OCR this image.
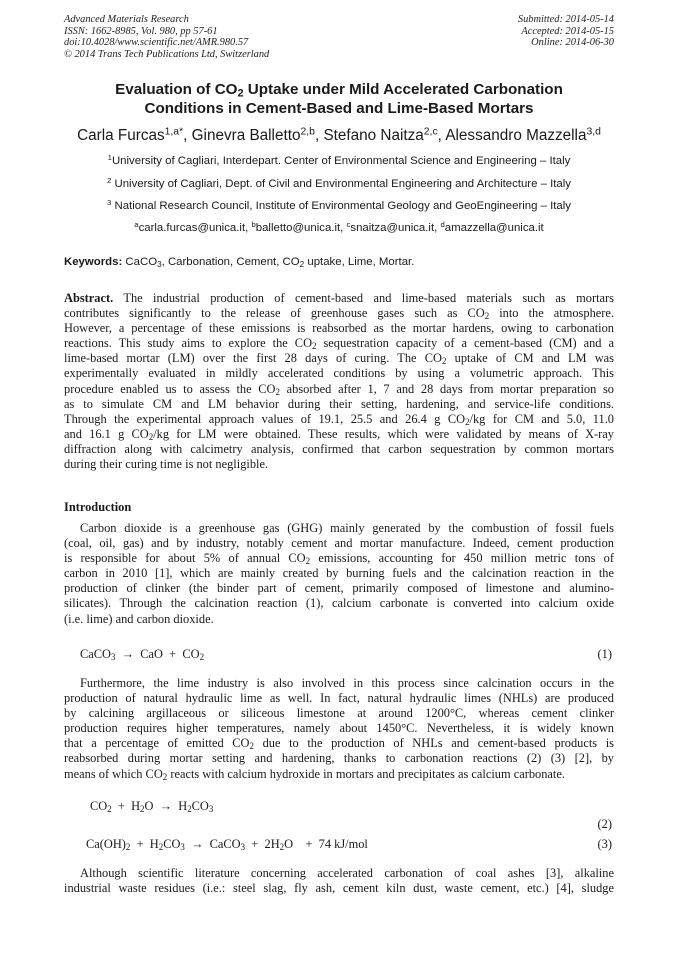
Advanced Materials Research
ISSN: 1662-8985, Vol. 980, pp 57-61
doi:10.4028/www.scientific.net/AMR.980.57
© 2014 Trans Tech Publications Ltd, Switzerland
Submitted: 2014-05-14
Accepted: 2014-05-15
Online: 2014-06-30
Evaluation of $CO_2$ Uptake under Mild Accelerated Carbonation
Conditions in Cement-Based and Lime-Based Mortars
Carla Furcas$^{1,a*}$, Ginevra Balletto$^{2,b}$, Stefano Naitza$^{2,c}$, Alessandro Mazzella$^{3,d}$
$^1$University of Cagliari, Interdepart. Center of Environmental Science and Engineering – Italy
$^2$ University of Cagliari, Dept. of Civil and Environmental Engineering and Architecture – Italy
$^3$ National Research Council, Institute of Environmental Geology and GeoEngineering – Italy
$^a$carla.furcas@unica.it, $^b$balletto@unica.it, $^c$snaitza@unica.it, $^d$amazzella@unica.it
Keywords: CaCO$_3$, Carbonation, Cement, $CO_2$ uptake, Lime, Mortar.
Abstract. The industrial production of cement-based and lime-based materials such as mortars
contributes significantly to the release of greenhouse gases such as $CO_2$ into the atmosphere.
However, a percentage of these emissions is reabsorbed as the mortar hardens, owing to carbonation
reactions. This study aims to explore the $CO_2$ sequestration capacity of a cement-based (CM) and a
lime-based mortar (LM) over the first 28 days of curing. The $CO_2$ uptake of CM and LM was
experimentally evaluated in mildly accelerated conditions by using a volumetric approach. This
procedure enabled us to assess the $CO_2$ absorbed after 1, 7 and 28 days from mortar preparation so
as to simulate CM and LM behavior during their setting, hardening, and service-life conditions.
Through the experimental approach values of 19.1, 25.5 and 26.4 g $CO_2/kg$ for CM and 5.0, 11.0
and 16.1 g $CO_2/kg$ for LM were obtained. These results, which were validated by means of X-ray
diffraction along with calcimetry analysis, confirmed that carbon sequestration by common mortars
during their curing time is not negligible.
Introduction
Carbon dioxide is a greenhouse gas (GHG) mainly generated by the combustion of fossil fuels
(coal, oil, gas) and by industry, notably cement and mortar manufacture. Indeed, cement production
is responsible for about 5% of annual $CO_2$ emissions, accounting for 450 million metric tons of
carbon in 2010 [1], which are mainly created by burning fuels and the calcination reaction in the
production of clinker (the binder part of cement, primarily composed of limestone and alumino-
silicates). Through the calcination reaction (1), calcium carbonate is converted into calcium oxide
(i.e. lime) and carbon dioxide.
CaCO$_3$ → CaO + $CO_2$	(1)
Furthermore, the lime industry is also involved in this process since calcination occurs in the
production of natural hydraulic lime as well. In fact, natural hydraulic limes (NHLs) are produced
by calcining argillaceous or siliceous limestone at around 1200°C, whereas cement clinker
production requires higher temperatures, namely about 1450°C. Nevertheless, it is widely known
that a percentage of emitted $CO_2$ due to the production of NHLs and cement-based products is
reabsorbed during mortar setting and hardening, thanks to carbonation reactions (2) (3) [2], by
means of which $CO_2$ reacts with calcium hydroxide in mortars and precipitates as calcium carbonate.
$CO_2 + H_2O \to H_2CO_3$
(2)
$Ca(OH)_2 + H_2CO_3$ → CaCO$_3$ + $2H_2O + 74$ kJ/mol	(3)
Although scientific literature concerning accelerated carbonation of coal ashes [3], alkaline
industrial waste residues (i.e.: steel slag, fly ash, cement kiln dust, waste cement, etc.) [4], sludge
